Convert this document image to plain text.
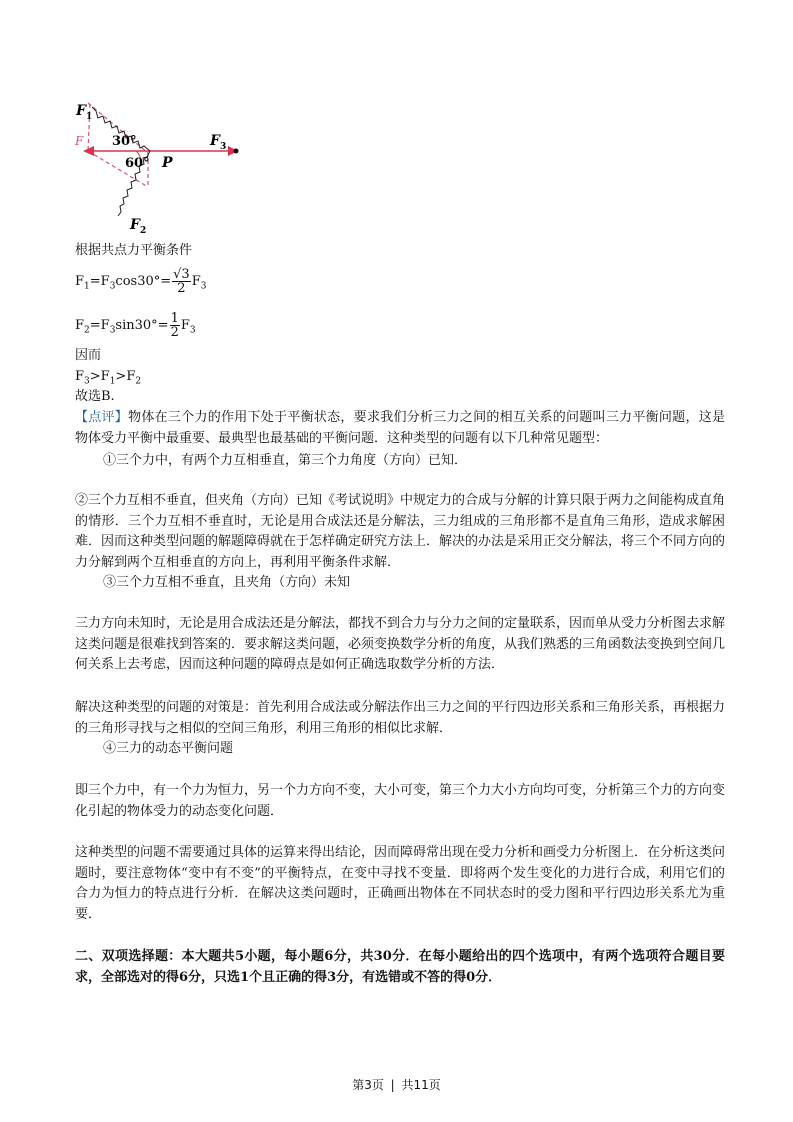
F 1
F 30°
60° P
F 3
F 2
根据共点力平衡条件
$F_1=F_3\cos 30^\circ= \frac{√3}{2} F_3$
$F_2=F_3\sin 30^\circ= \frac{1}{2} F_3$
因而
$F_3>F_1>F_2$
故选B.
【点评】物体在三个力的作用下处于平衡状态，要求我们分析三力之间的相互关系的问题叫三力平衡问题，这是物体受力平衡中最重要、最典型也最基础的平衡问题．这种类型的问题有以下几种常见题型：
①三个力中，有两个力互相垂直，第三个力角度（方向）已知．
②三个力互相不垂直，但夹角（方向）已知《考试说明》中规定力的合成与分解的计算只限于两力之间能构成直角的情形．三个力互相不垂直时，无论是用合成法还是分解法，三力组成的三角形都不是直角三角形，造成求解困难．因而这种类型问题的解题障碍就在于怎样确定研究方法上．解决的办法是采用正交分解法，将三个不同方向的力分解到两个互相垂直的方向上，再利用平衡条件求解．
③三个力互相不垂直，且夹角（方向）未知
三力方向未知时，无论是用合成法还是分解法，都找不到合力与分力之间的定量联系，因而单从受力分析图去求解这类问题是很难找到答案的．要求解这类问题，必须变换数学分析的角度，从我们熟悉的三角函数法变换到空间几何关系上去考虑，因而这种问题的障碍点是如何正确选取数学分析的方法．
解决这种类型的问题的对策是：首先利用合成法或分解法作出三力之间的平行四边形关系和三角形关系，再根据力的三角形寻找与之相似的空间三角形，利用三角形的相似比求解．
④三力的动态平衡问题
即三个力中，有一个力为恒力，另一个力方向不变，大小可变，第三个力大小方向均可变，分析第三个力的方向变化引起的物体受力的动态变化问题．
这种类型的问题不需要通过具体的运算来得出结论，因而障碍常出现在受力分析和画受力分析图上．在分析这类问题时，要注意物体“变中有不变”的平衡特点，在变中寻找不变量．即将两个发生变化的力进行合成，利用它们的合力为恒力的特点进行分析．在解决这类问题时，正确画出物体在不同状态时的受力图和平行四边形关系尤为重要．
二、双项选择题：本大题共5小题，每小题6分，共30分．在每小题给出的四个选项中，有两个选项符合题目要求，全部选对的得6分，只选1个且正确的得3分，有选错或不答的得0分．
第3页 | 共11页
